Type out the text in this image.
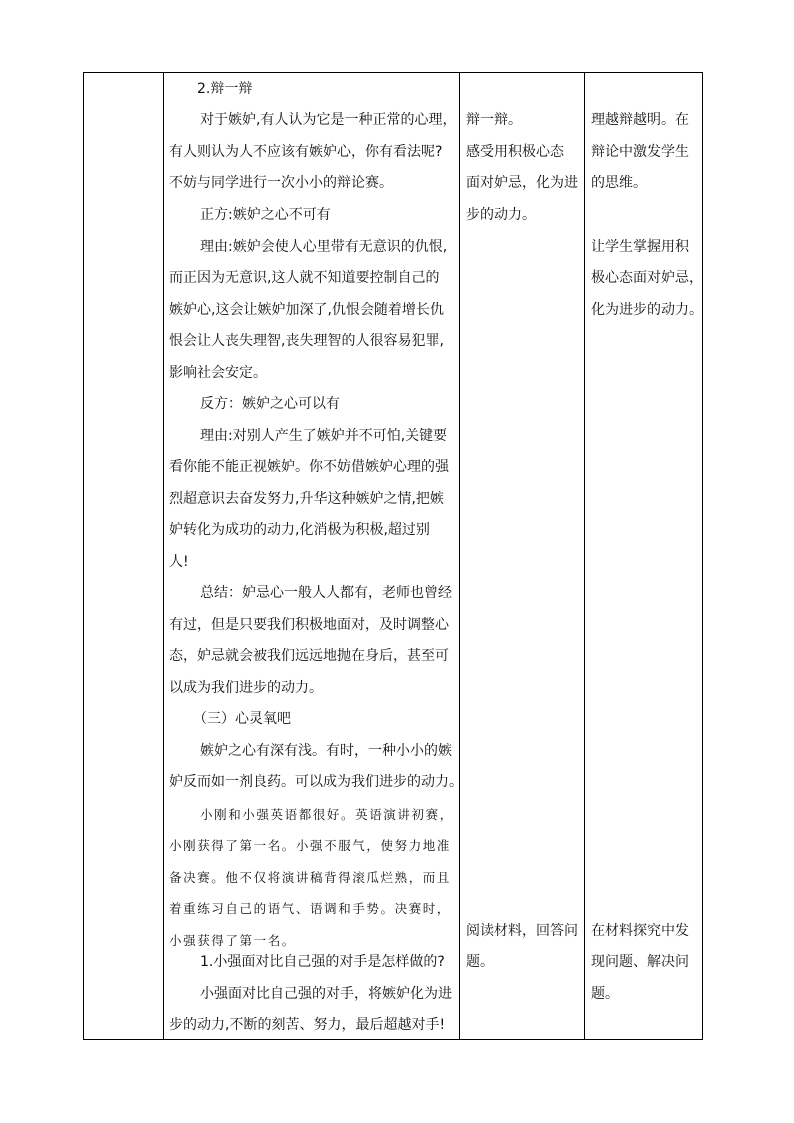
2.辩一辩
对于嫉妒,有人认为它是一种正常的心理，
有人则认为人不应该有嫉妒心，你有看法呢?
不妨与同学进行一次小小的辩论赛。
正方:嫉妒之心不可有
理由:嫉妒会使人心里带有无意识的仇恨,
而正因为无意识,这人就不知道要控制自己的
嫉妒心,这会让嫉妒加深了,仇恨会随着增长仇
恨会让人丧失理智,丧失理智的人很容易犯罪,
影响社会安定。
反方：嫉妒之心可以有
理由:对别人产生了嫉妒并不可怕,关键要
看你能不能正视嫉妒。你不妨借嫉妒心理的强
烈超意识去奋发努力,升华这种嫉妒之情,把嫉
妒转化为成功的动力,化消极为积极,超过别
人!
总结：妒忌心一般人人都有，老师也曾经
有过，但是只要我们积极地面对，及时调整心
态，妒忌就会被我们远远地抛在身后，甚至可
以成为我们进步的动力。
（三）心灵氧吧
嫉妒之心有深有浅。有时，一种小小的嫉
妒反而如一剂良药。可以成为我们进步的动力。
小刚和小强英语都很好。英语演讲初赛，
小刚获得了第一名。小强不服气，使努力地准
备决赛。他不仅将演讲稿背得滚瓜烂熟，而且
着重练习自己的语气、语调和手势。决赛时，
小强获得了第一名。
1.小强面对比自己强的对手是怎样做的?
小强面对比自己强的对手，将嫉妒化为进
步的动力,不断的刻苦、努力，最后超越对手!
辩一辩。
感受用积极心态
面对妒忌，化为进
步的动力。
阅读材料，回答问
题。
理越辩越明。在
辩论中激发学生
的思维。
让学生掌握用积
极心态面对妒忌，
化为进步的动力。
在材料探究中发
现问题、解决问
题。
